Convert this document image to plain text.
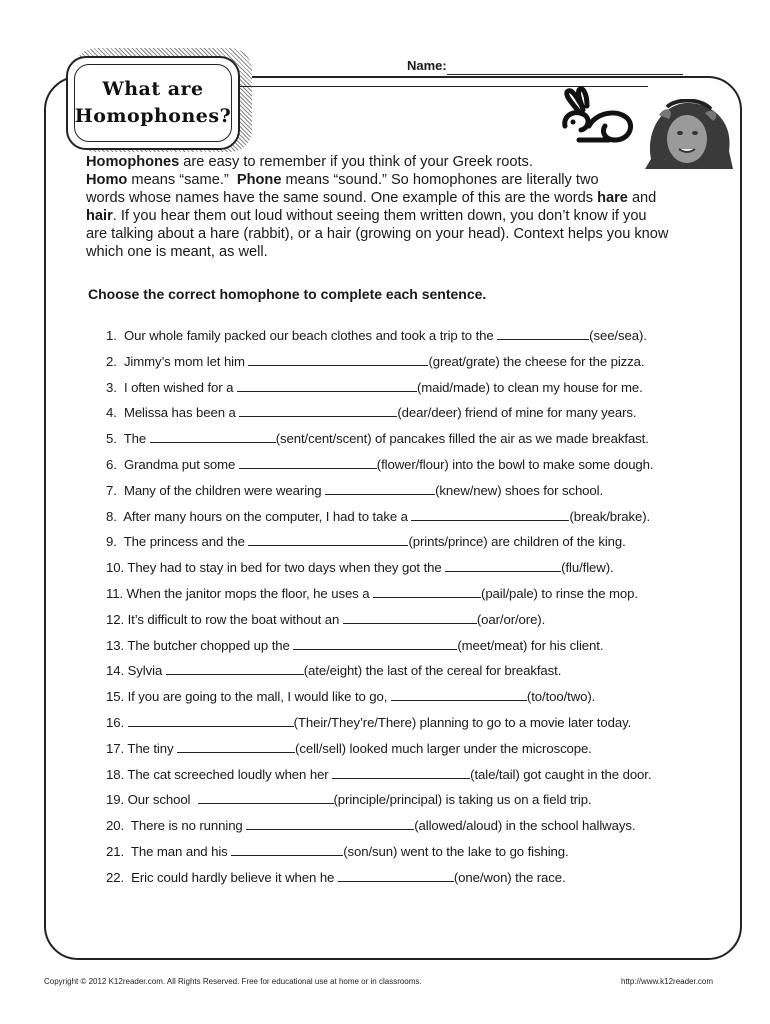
What are
Homophones?
Name:
Homophones are easy to remember if you think of your Greek roots.
Homo means “same.”  Phone means “sound.” So homophones are literally two
words whose names have the same sound. One example of this are the words hare and
hair. If you hear them out loud without seeing them written down, you don’t know if you
are talking about a hare (rabbit), or a hair (growing on your head). Context helps you know
which one is meant, as well.
Choose the correct homophone to complete each sentence.
1.  Our whole family packed our beach clothes and took a trip to the	(see/sea).
2.  Jimmy’s mom let him	(great/grate) the cheese for the pizza.
3.  I often wished for a	(maid/made) to clean my house for me.
4.  Melissa has been a	(dear/deer) friend of mine for many years.
5.  The	(sent/cent/scent) of pancakes filled the air as we made breakfast.
6.  Grandma put some	(flower/flour) into the bowl to make some dough.
7.  Many of the children were wearing	(knew/new) shoes for school.
8.  After many hours on the computer, I had to take a	(break/brake).
9.  The princess and the	(prints/prince) are children of the king.
10. They had to stay in bed for two days when they got the	(flu/flew).
11. When the janitor mops the floor, he uses a	(pail/pale) to rinse the mop.
12. It’s difficult to row the boat without an	(oar/or/ore).
13. The butcher chopped up the	(meet/meat) for his client.
14. Sylvia	(ate/eight) the last of the cereal for breakfast.
15. If you are going to the mall, I would like to go,	(to/too/two).
16.	(Their/They’re/There) planning to go to a movie later today.
17. The tiny	(cell/sell) looked much larger under the microscope.
18. The cat screeched loudly when her	(tale/tail) got caught in the door.
19. Our school	(principle/principal) is taking us on a field trip.
20.  There is no running	(allowed/aloud) in the school hallways.
21.  The man and his	(son/sun) went to the lake to go fishing.
22.  Eric could hardly believe it when he	(one/won) the race.
Copyright © 2012 K12reader.com. All Rights Reserved. Free for educational use at home or in classrooms.	http://www.k12reader.com
